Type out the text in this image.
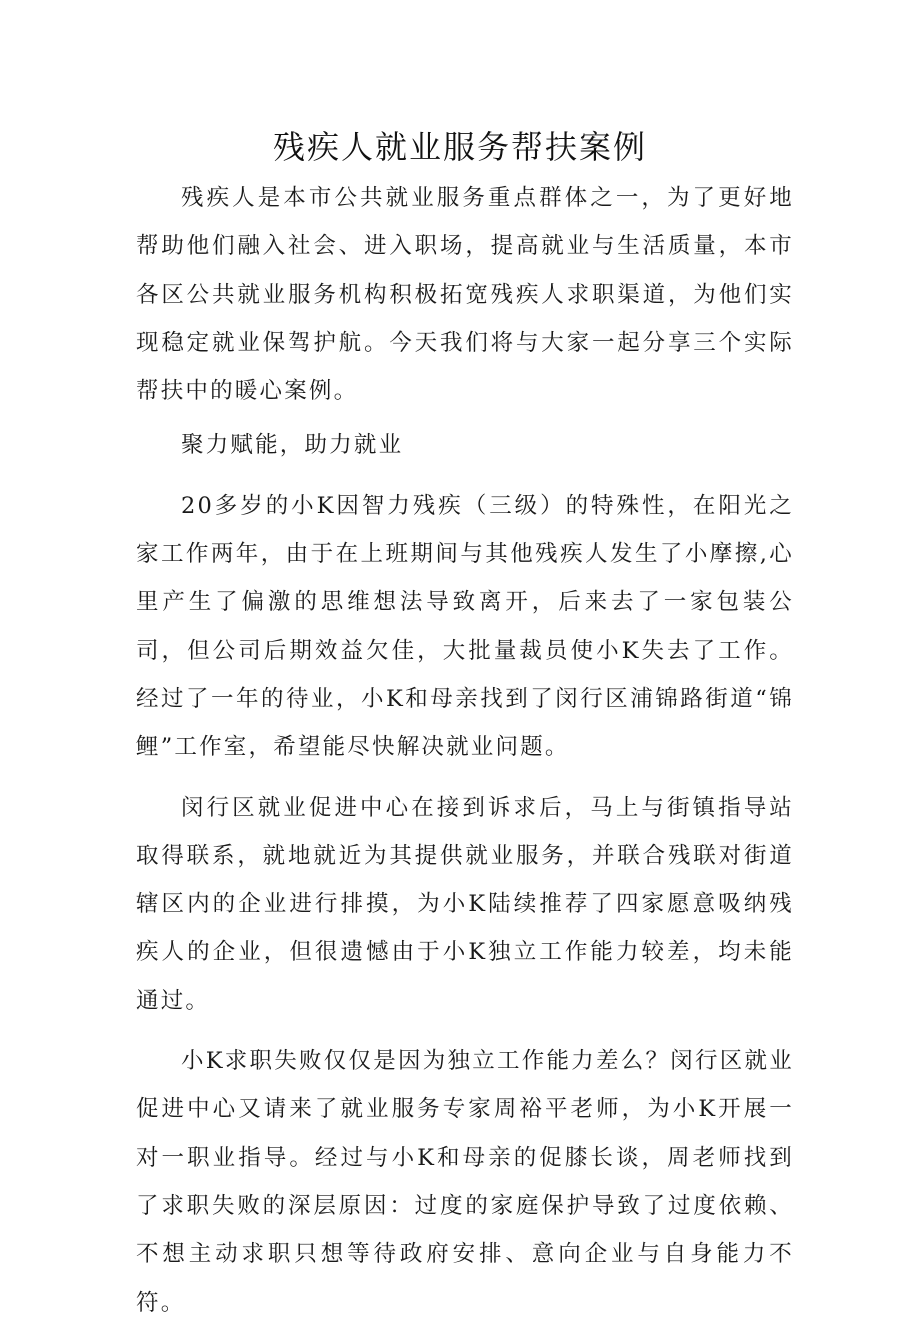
残疾人就业服务帮扶案例

残疾人是本市公共就业服务重点群体之一，为了更好地帮助他们融入社会、进入职场，提高就业与生活质量，本市各区公共就业服务机构积极拓宽残疾人求职渠道，为他们实现稳定就业保驾护航。今天我们将与大家一起分享三个实际帮扶中的暖心案例。

聚力赋能，助力就业

20多岁的小K因智力残疾（三级）的特殊性，在阳光之家工作两年，由于在上班期间与其他残疾人发生了小摩擦,心里产生了偏激的思维想法导致离开，后来去了一家包装公司，但公司后期效益欠佳，大批量裁员使小K失去了工作。经过了一年的待业，小K和母亲找到了闵行区浦锦路街道“锦鲤”工作室，希望能尽快解决就业问题。

闵行区就业促进中心在接到诉求后，马上与街镇指导站取得联系，就地就近为其提供就业服务，并联合残联对街道辖区内的企业进行排摸，为小K陆续推荐了四家愿意吸纳残疾人的企业，但很遗憾由于小K独立工作能力较差，均未能通过。

小K求职失败仅仅是因为独立工作能力差么？闵行区就业促进中心又请来了就业服务专家周裕平老师，为小K开展一对一职业指导。经过与小K和母亲的促膝长谈，周老师找到了求职失败的深层原因：过度的家庭保护导致了过度依赖、不想主动求职只想等待政府安排、意向企业与自身能力不符。
